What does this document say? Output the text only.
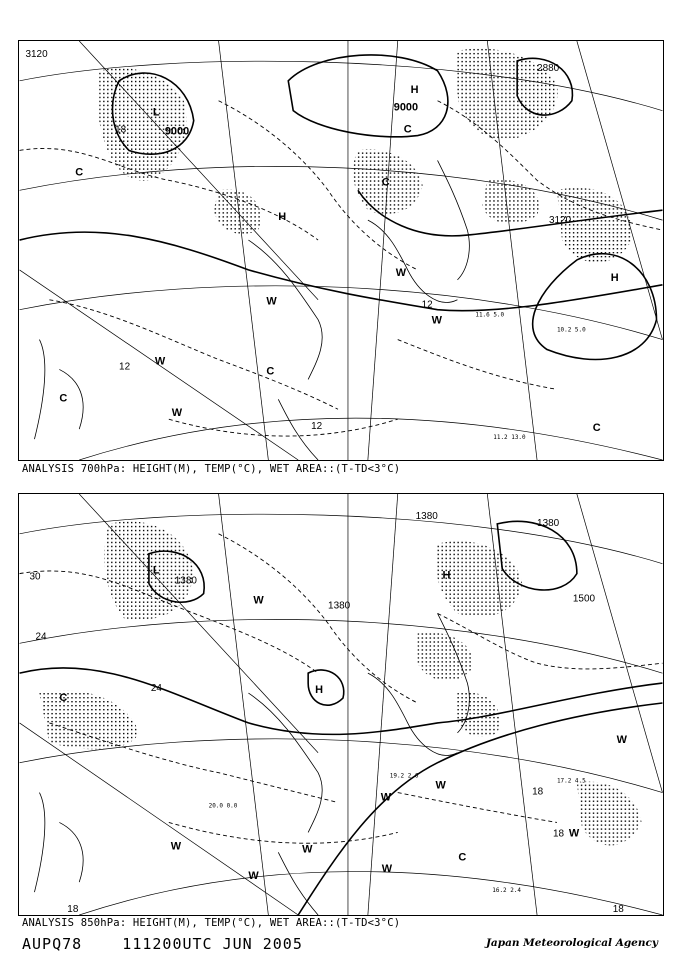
3120
9000
9000
3120
2880
L
H
C
H
C
W
W
W
W
W
C
H
C
C
C
18
12
12
12
11.6 5.0
10.2 5.0
11.2 13.0
ANALYSIS 700hPa: HEIGHT(M), TEMP(°C), WET AREA::(T-TD<3°C)
1380
1380
1380
1500
1380
L
H
C
W
W
W
W
W
C
H
W
W
W
W
30
24
24
18
18
18	18
19.2 2.6
17.2 4.5
16.2 2.4
20.0 0.0
ANALYSIS 850hPa: HEIGHT(M), TEMP(°C), WET AREA::(T-TD<3°C)
AUPQ78    111200UTC JUN 2005	Japan Meteorological Agency
